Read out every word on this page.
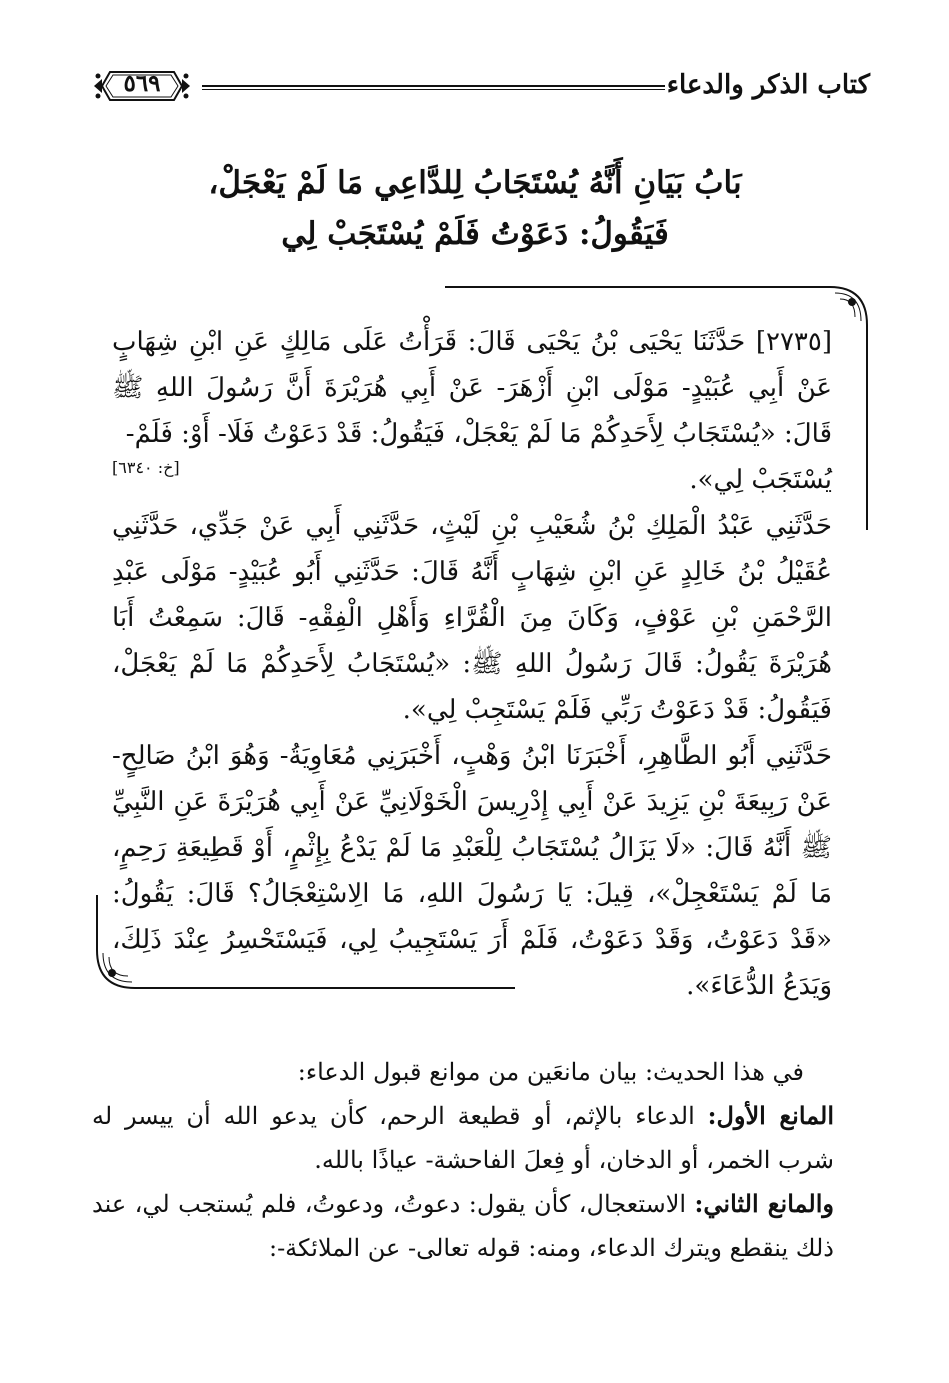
كتاب الذكر والدعاء
٥٦٩
بَابُ بَيَانِ أَنَّهُ يُسْتَجَابُ لِلدَّاعِي مَا لَمْ يَعْجَلْ،
فَيَقُولُ: دَعَوْتُ فَلَمْ يُسْتَجَبْ لِي

[٢٧٣٥] حَدَّثَنَا يَحْيَى بْنُ يَحْيَى قَالَ: قَرَأْتُ عَلَى مَالِكٍ عَنِ ابْنِ شِهَابٍ عَنْ أَبِي عُبَيْدٍ- مَوْلَى ابْنِ أَزْهَرَ- عَنْ أَبِي هُرَيْرَةَ أَنَّ رَسُولَ اللهِ ﷺ قَالَ: «يُسْتَجَابُ لِأَحَدِكُمْ مَا لَمْ يَعْجَلْ، فَيَقُولُ: قَدْ دَعَوْتُ فَلَا- أَوْ: فَلَمْ-

يُسْتَجَبْ لِي».
[خ: ٦٣٤٠]

حَدَّثَنِي عَبْدُ الْمَلِكِ بْنُ شُعَيْبِ بْنِ لَيْثٍ، حَدَّثَنِي أَبِي عَنْ جَدِّي، حَدَّثَنِي عُقَيْلُ بْنُ خَالِدٍ عَنِ ابْنِ شِهَابٍ أَنَّهُ قَالَ: حَدَّثَنِي أَبُو عُبَيْدٍ- مَوْلَى عَبْدِ الرَّحْمَنِ بْنِ عَوْفٍ، وَكَانَ مِنَ الْقُرَّاءِ وَأَهْلِ الْفِقْهِ- قَالَ: سَمِعْتُ أَبَا هُرَيْرَةَ يَقُولُ: قَالَ رَسُولُ اللهِ ﷺ: «يُسْتَجَابُ لِأَحَدِكُمْ مَا لَمْ يَعْجَلْ، فَيَقُولُ: قَدْ دَعَوْتُ رَبِّي فَلَمْ يَسْتَجِبْ لِي».

حَدَّثَنِي أَبُو الطَّاهِرِ، أَخْبَرَنَا ابْنُ وَهْبٍ، أَخْبَرَنِي مُعَاوِيَةُ- وَهُوَ ابْنُ صَالِحٍ- عَنْ رَبِيعَةَ بْنِ يَزِيدَ عَنْ أَبِي إِدْرِيسَ الْخَوْلَانِيِّ عَنْ أَبِي هُرَيْرَةَ عَنِ النَّبِيِّ ﷺ أَنَّهُ قَالَ: «لَا يَزَالُ يُسْتَجَابُ لِلْعَبْدِ مَا لَمْ يَدْعُ بِإِثْمٍ، أَوْ قَطِيعَةِ رَحِمٍ، مَا لَمْ يَسْتَعْجِلْ»، قِيلَ: يَا رَسُولَ اللهِ، مَا الِاسْتِعْجَالُ؟ قَالَ: يَقُولُ: «قَدْ دَعَوْتُ، وَقَدْ دَعَوْتُ، فَلَمْ أَرَ يَسْتَجِيبُ لِي، فَيَسْتَحْسِرُ عِنْدَ ذَلِكَ، وَيَدَعُ الدُّعَاءَ».

في هذا الحديث: بيان مانعَين من موانع قبول الدعاء:

المانع الأول: الدعاء بالإثم، أو قطيعة الرحم، كأن يدعو الله أن ييسر له شرب الخمر، أو الدخان، أو فِعلَ الفاحشة- عياذًا بالله.

والمانع الثاني: الاستعجال، كأن يقول: دعوتُ، ودعوتُ، فلم يُستجب لي، عند ذلك ينقطع ويترك الدعاء، ومنه: قوله تعالى- عن الملائكة-:
